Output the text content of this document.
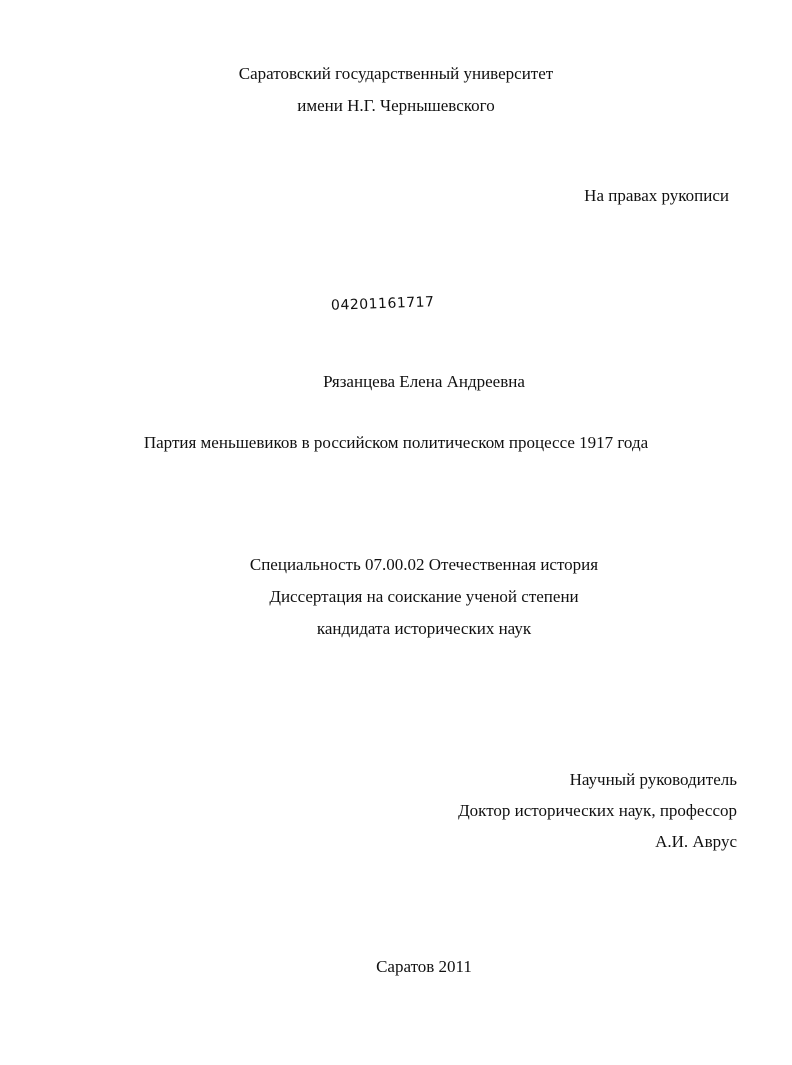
Саратовский государственный университет
имени Н.Г. Чернышевского
На правах рукописи
04201161717
Рязанцева Елена Андреевна
Партия меньшевиков в российском политическом процессе 1917 года
Специальность 07.00.02 Отечественная история
Диссертация на соискание ученой степени
кандидата исторических наук
Научный руководитель
Доктор исторических наук, профессор
А.И. Аврус
Саратов 2011
